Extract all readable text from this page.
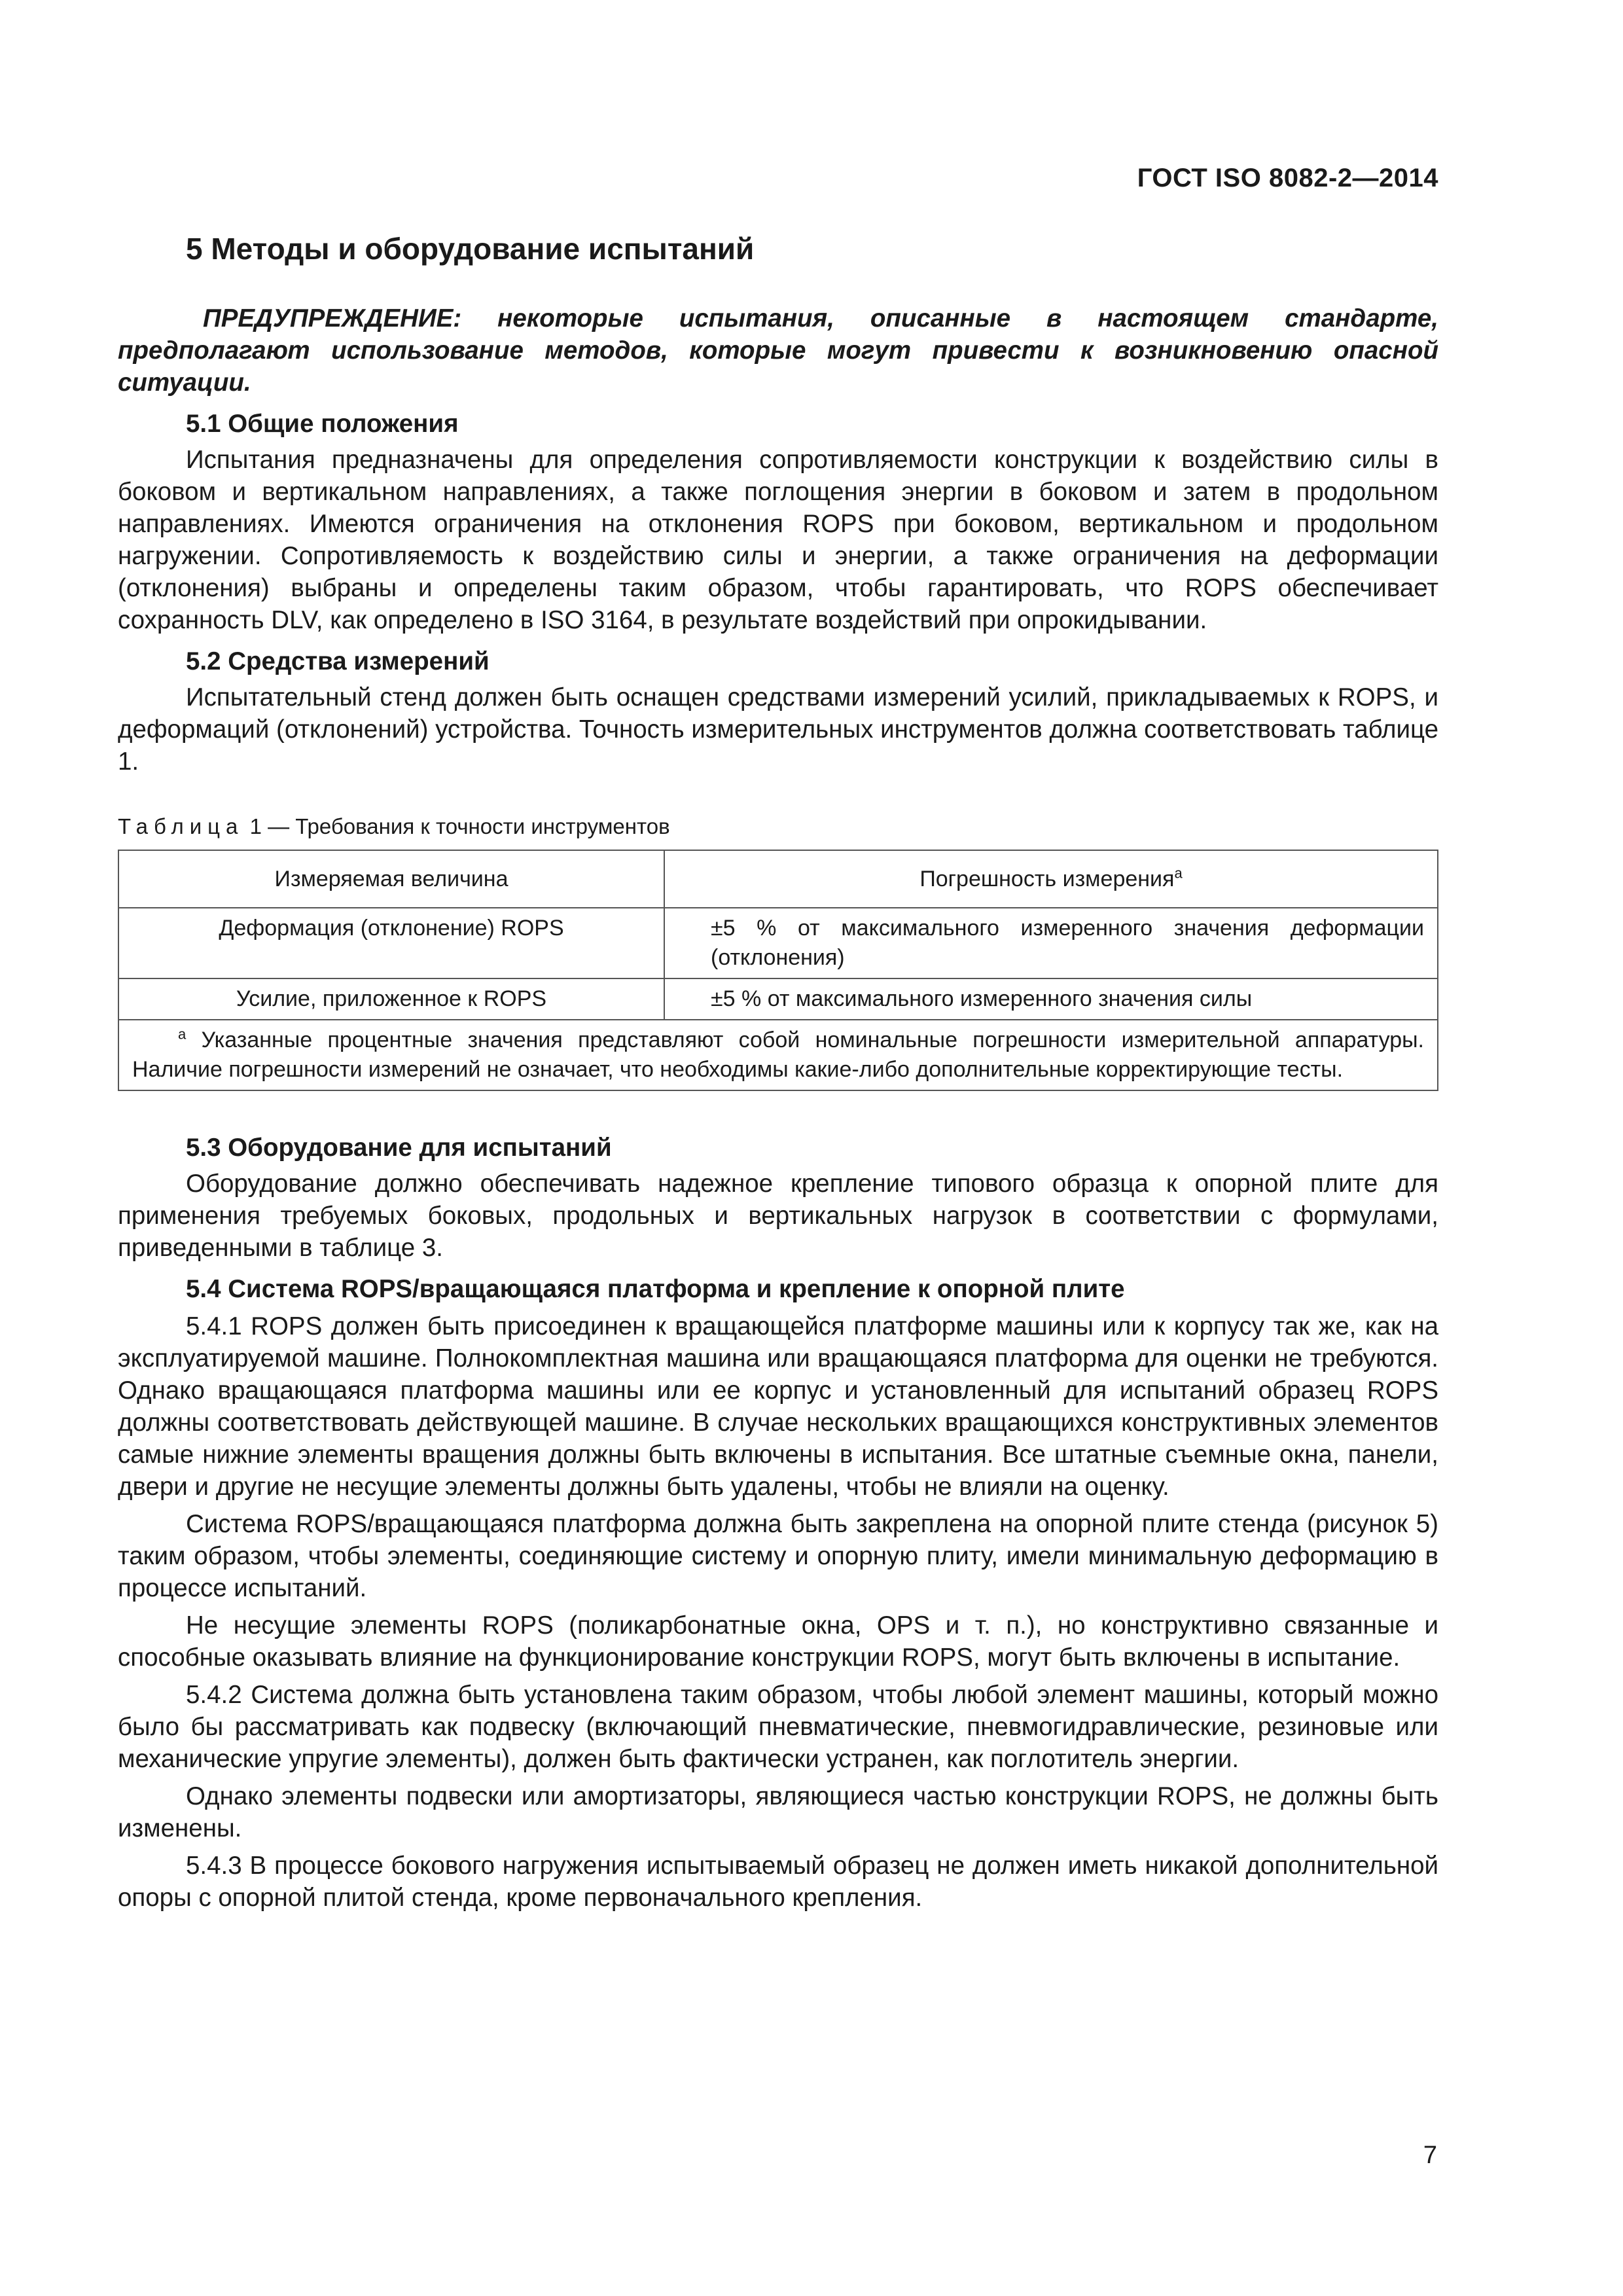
ГОСТ ISO 8082-2—2014
5 Методы и оборудование испытаний

ПРЕДУПРЕЖДЕНИЕ: некоторые испытания, описанные в настоящем стандарте, предполагают использование методов, которые могут привести к возникновению опасной ситуации.

5.1 Общие положения

Испытания предназначены для определения сопротивляемости конструкции к воздействию силы в боковом и вертикальном направлениях, а также поглощения энергии в боковом и затем в продольном направлениях. Имеются ограничения на отклонения ROPS при боковом, вертикальном и продольном нагружении. Сопротивляемость к воздействию силы и энергии, а также ограничения на деформации (отклонения) выбраны и определены таким образом, чтобы гарантировать, что ROPS обеспечивает сохранность DLV, как определено в ISO 3164, в результате воздействий при опрокидывании.

5.2 Средства измерений

Испытательный стенд должен быть оснащен средствами измерений усилий, прикладываемых к ROPS, и деформаций (отклонений) устройства. Точность измерительных инструментов должна соответствовать таблице 1.

Таблица 1 — Требования к точности инструментов
Измеряемая величина	Погрешность измерения$^a$
Деформация (отклонение) ROPS	±5 % от максимального измеренного значения деформации (отклонения)

Усилие, приложенное к ROPS	±5 % от максимального измеренного значения силы

$^a$ Указанные процентные значения представляют собой номинальные погрешности измерительной аппаратуры. Наличие погрешности измерений не означает, что необходимы какие-либо дополнительные корректирующие тесты.	

5.3 Оборудование для испытаний

Оборудование должно обеспечивать надежное крепление типового образца к опорной плите для применения требуемых боковых, продольных и вертикальных нагрузок в соответствии с формулами, приведенными в таблице 3.

5.4 Система ROPS/вращающаяся платформа и крепление к опорной плите

5.4.1 ROPS должен быть присоединен к вращающейся платформе машины или к корпусу так же, как на эксплуатируемой машине. Полнокомплектная машина или вращающаяся платформа для оценки не требуются. Однако вращающаяся платформа машины или ее корпус и установленный для испытаний образец ROPS должны соответствовать действующей машине. В случае нескольких вращающихся конструктивных элементов самые нижние элементы вращения должны быть включены в испытания. Все штатные съемные окна, панели, двери и другие не несущие элементы должны быть удалены, чтобы не влияли на оценку.

Система ROPS/вращающаяся платформа должна быть закреплена на опорной плите стенда (рисунок 5) таким образом, чтобы элементы, соединяющие систему и опорную плиту, имели минимальную деформацию в процессе испытаний.

Не несущие элементы ROPS (поликарбонатные окна, OPS и т. п.), но конструктивно связанные и способные оказывать влияние на функционирование конструкции ROPS, могут быть включены в испытание.

5.4.2 Система должна быть установлена таким образом, чтобы любой элемент машины, который можно было бы рассматривать как подвеску (включающий пневматические, пневмогидравлические, резиновые или механические упругие элементы), должен быть фактически устранен, как поглотитель энергии.

Однако элементы подвески или амортизаторы, являющиеся частью конструкции ROPS, не должны быть изменены.

5.4.3 В процессе бокового нагружения испытываемый образец не должен иметь никакой дополнительной опоры с опорной плитой стенда, кроме первоначального крепления.

7
